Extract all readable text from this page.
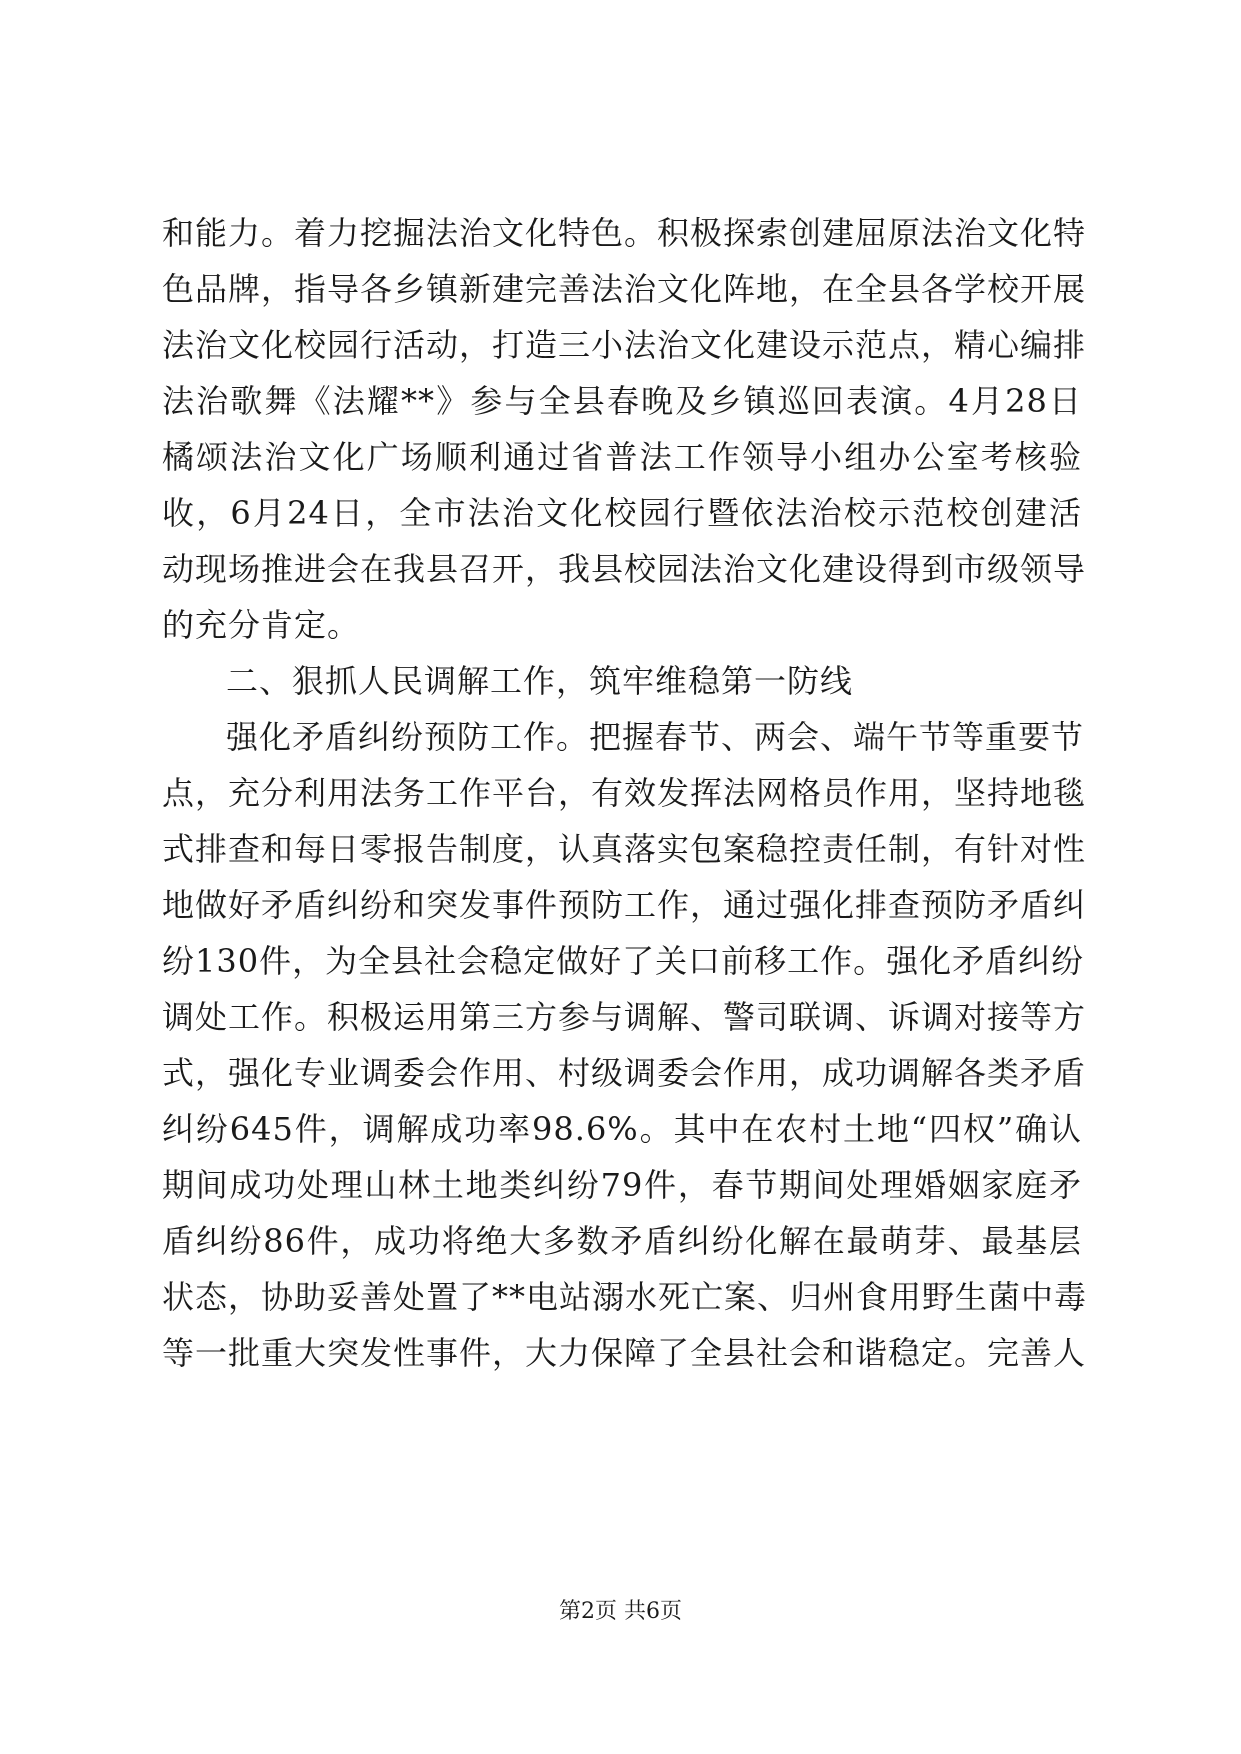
和能力。着力挖掘法治文化特色。积极探索创建屈原法治文化特
色品牌，指导各乡镇新建完善法治文化阵地，在全县各学校开展
法治文化校园行活动，打造三小法治文化建设示范点，精心编排
法治歌舞《法耀**》参与全县春晚及乡镇巡回表演。4月28日
橘颂法治文化广场顺利通过省普法工作领导小组办公室考核验
收，6月24日，全市法治文化校园行暨依法治校示范校创建活
动现场推进会在我县召开，我县校园法治文化建设得到市级领导
的充分肯定。
二、狠抓人民调解工作，筑牢维稳第一防线
强化矛盾纠纷预防工作。把握春节、两会、端午节等重要节
点，充分利用法务工作平台，有效发挥法网格员作用，坚持地毯
式排查和每日零报告制度，认真落实包案稳控责任制，有针对性
地做好矛盾纠纷和突发事件预防工作，通过强化排查预防矛盾纠
纷130件，为全县社会稳定做好了关口前移工作。强化矛盾纠纷
调处工作。积极运用第三方参与调解、警司联调、诉调对接等方
式，强化专业调委会作用、村级调委会作用，成功调解各类矛盾
纠纷645件，调解成功率98.6%。其中在农村土地“四权”确认
期间成功处理山林土地类纠纷79件，春节期间处理婚姻家庭矛
盾纠纷86件，成功将绝大多数矛盾纠纷化解在最萌芽、最基层
状态，协助妥善处置了**电站溺水死亡案、归州食用野生菌中毒
等一批重大突发性事件，大力保障了全县社会和谐稳定。完善人
第2页 共6页
